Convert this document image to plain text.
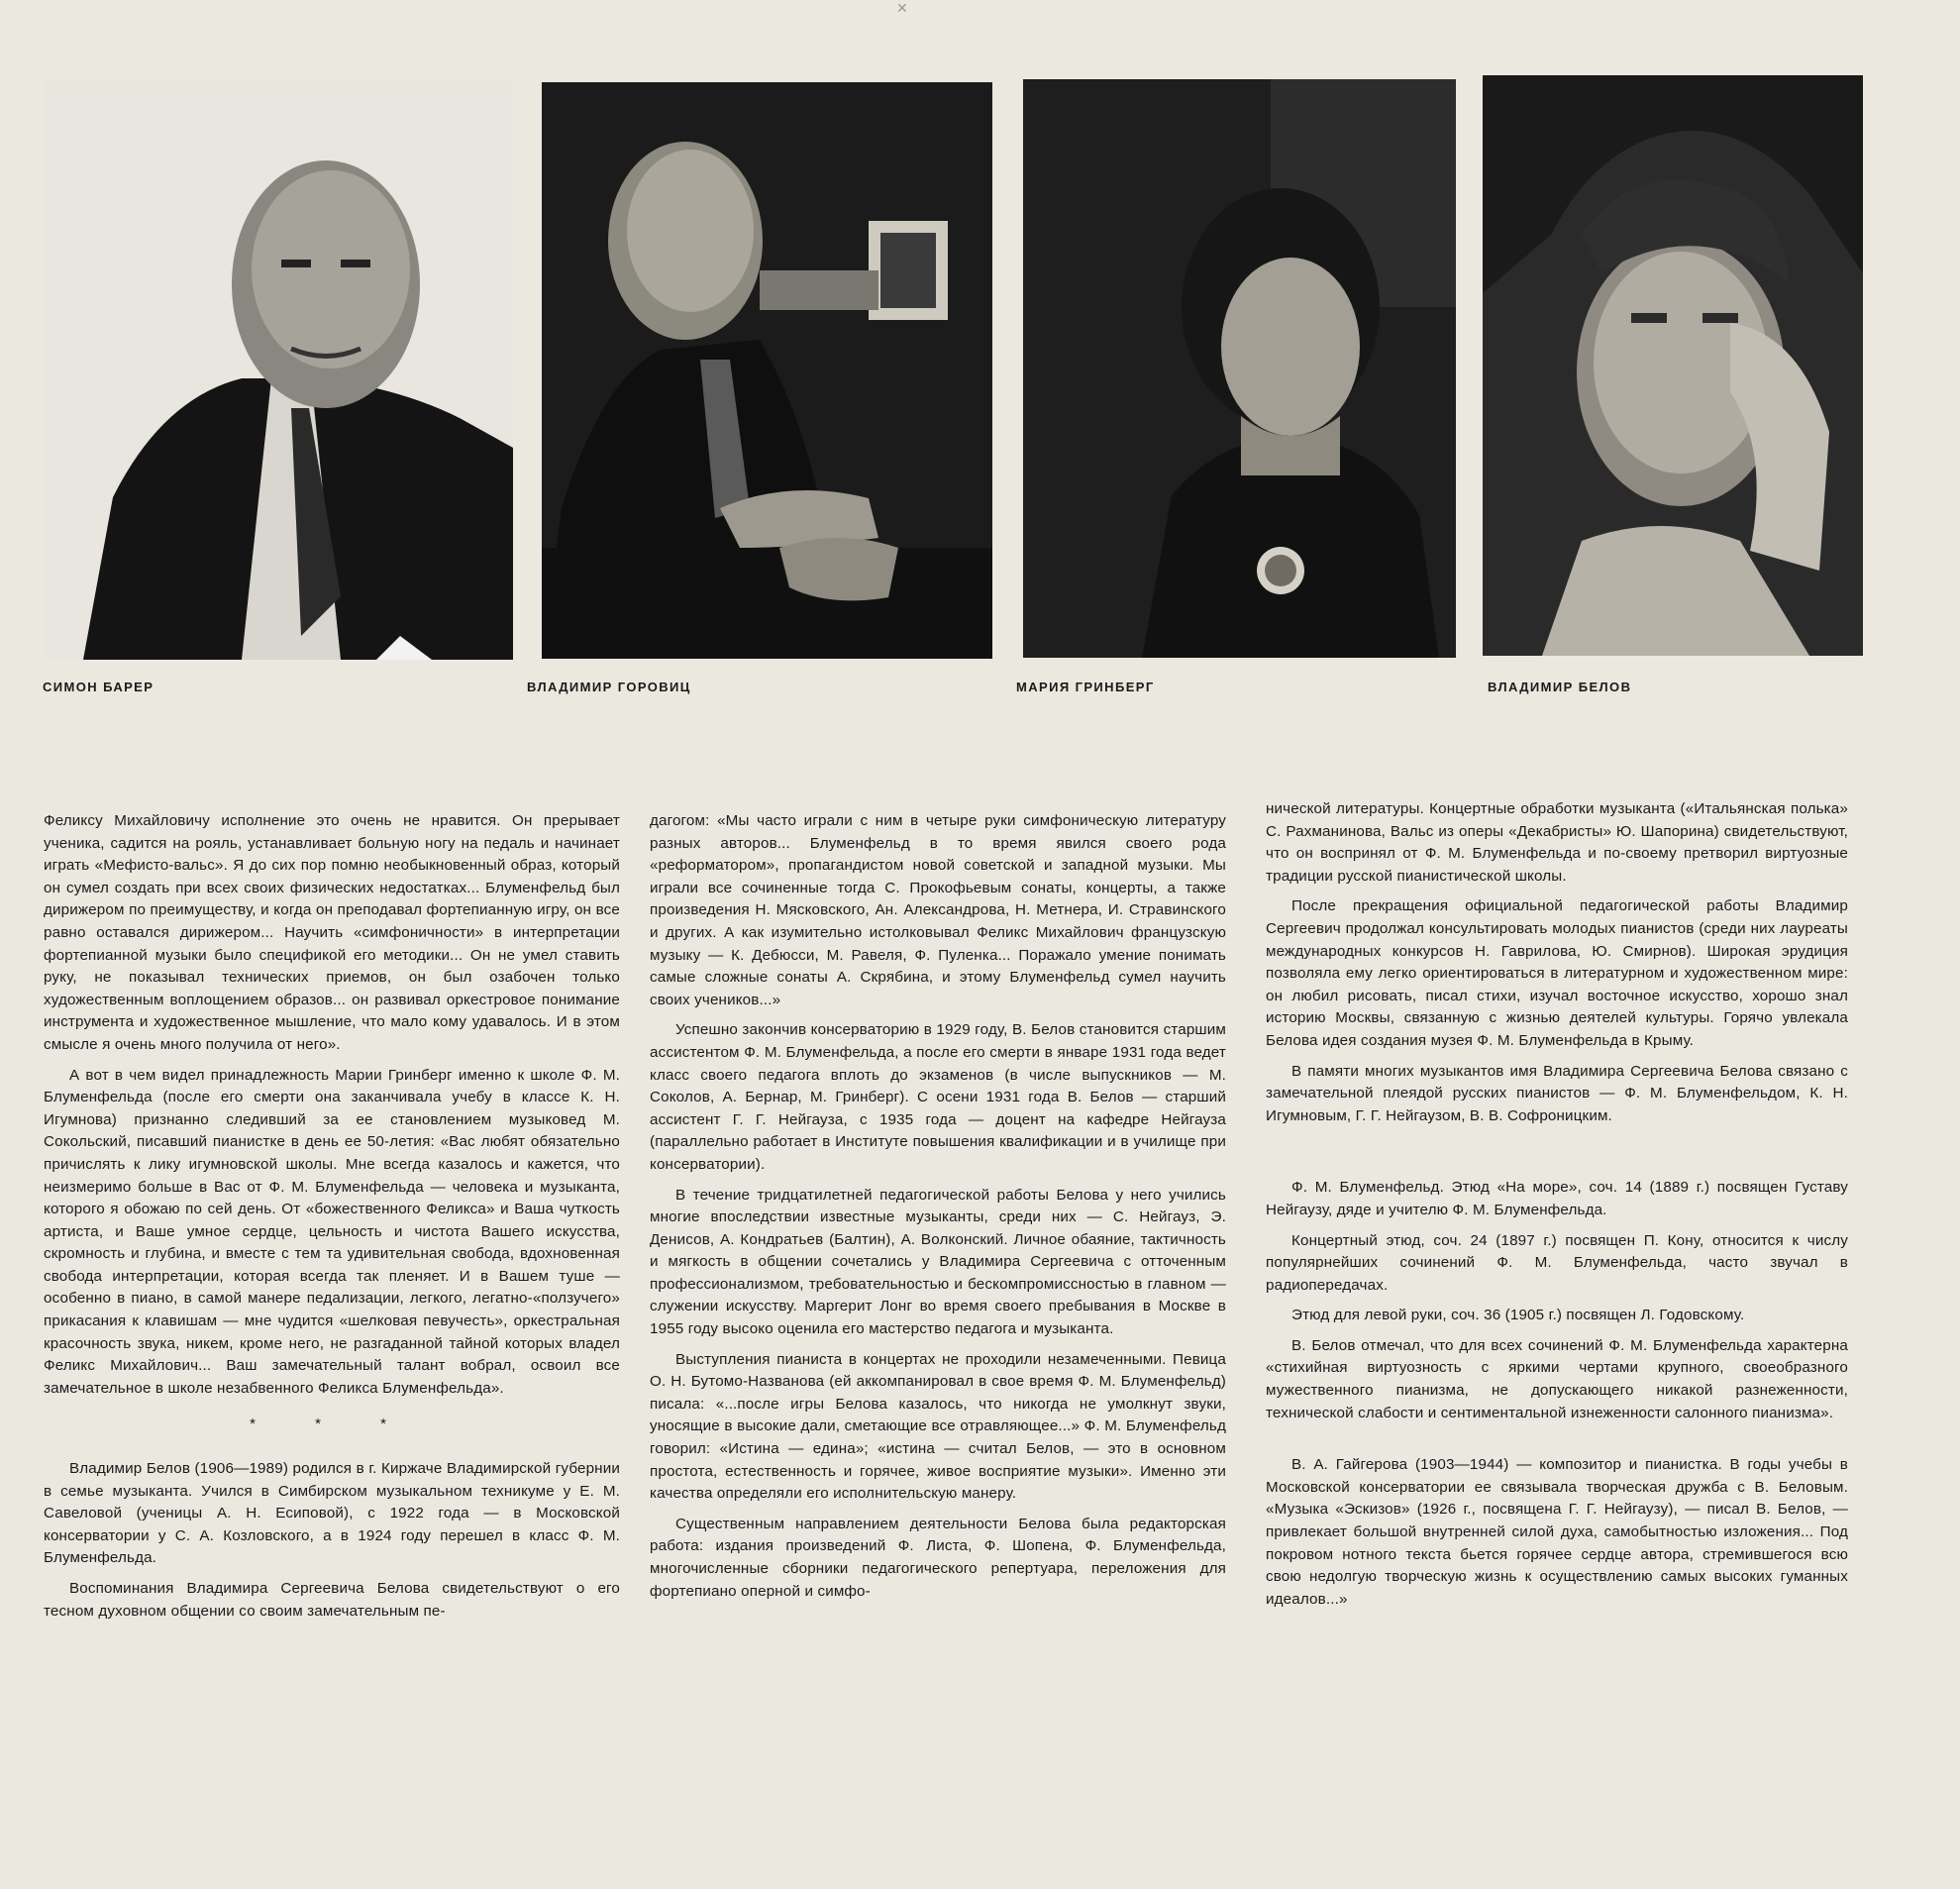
✕
СИМОН БАРЕР	ВЛАДИМИР ГОРОВИЦ	МАРИЯ ГРИНБЕРГ	ВЛАДИМИР БЕЛОВ

Феликсу Михайловичу исполнение это очень не нравится. Он прерывает ученика, садится на рояль, устанавливает больную ногу на педаль и начинает играть «Мефисто-вальс». Я до сих пор помню необыкновенный образ, который он сумел создать при всех своих физических недостатках... Блуменфельд был дирижером по преимуществу, и когда он преподавал фортепианную игру, он все равно оставался дирижером... Научить «симфоничности» в интерпретации фортепианной музыки было спецификой его методики... Он не умел ставить руку, не показывал технических приемов, он был озабочен только художественным воплощением образов... он развивал оркестровое понимание инструмента и художественное мышление, что мало кому удавалось. И в этом смысле я очень много получила от него».

А вот в чем видел принадлежность Марии Гринберг именно к школе Ф. М. Блуменфельда (после его смерти она заканчивала учебу в классе К. Н. Игумнова) признанно следивший за ее становлением музыковед М. Сокольский, писавший пианистке в день ее 50-летия: «Вас любят обязательно причислять к лику игумновской школы. Мне всегда казалось и кажется, что неизмеримо больше в Вас от Ф. М. Блуменфельда — человека и музыканта, которого я обожаю по сей день. От «божественного Феликса» и Ваша чуткость артиста, и Ваше умное сердце, цельность и чистота Вашего искусства, скромность и глубина, и вместе с тем та удивительная свобода, вдохновенная свобода интерпретации, которая всегда так пленяет. И в Вашем туше — особенно в пиано, в самой манере педализации, легкого, легатно-«ползучего» прикасания к клавишам — мне чудится «шелковая певучесть», оркестральная красочность звука, никем, кроме него, не разгаданной тайной которых владел Феликс Михайлович... Ваш замечательный талант вобрал, освоил все замечательное в школе незабвенного Феликса Блуменфельда».

* * *

Владимир Белов (1906—1989) родился в г. Киржаче Владимирской губернии в семье музыканта. Учился в Симбирском музыкальном техникуме у Е. М. Савеловой (ученицы А. Н. Есиповой), с 1922 года — в Московской консерватории у С. А. Козловского, а в 1924 году перешел в класс Ф. М. Блуменфельда.

Воспоминания Владимира Сергеевича Белова свидетельствуют о его тесном духовном общении со своим замечательным пе-

дагогом: «Мы часто играли с ним в четыре руки симфоническую литературу разных авторов... Блуменфельд в то время явился своего рода «реформатором», пропагандистом новой советской и западной музыки. Мы играли все сочиненные тогда С. Прокофьевым сонаты, концерты, а также произведения Н. Мясковского, Ан. Александрова, Н. Метнера, И. Стравинского и других. А как изумительно истолковывал Феликс Михайлович французскую музыку — К. Дебюсси, М. Равеля, Ф. Пуленка... Поражало умение понимать самые сложные сонаты А. Скрябина, и этому Блуменфельд сумел научить своих учеников...»

Успешно закончив консерваторию в 1929 году, В. Белов становится старшим ассистентом Ф. М. Блуменфельда, а после его смерти в январе 1931 года ведет класс своего педагога вплоть до экзаменов (в числе выпускников — М. Соколов, А. Бернар, М. Гринберг). С осени 1931 года В. Белов — старший ассистент Г. Г. Нейгауза, с 1935 года — доцент на кафедре Нейгауза (параллельно работает в Институте повышения квалификации и в училище при консерватории).

В течение тридцатилетней педагогической работы Белова у него учились многие впоследствии известные музыканты, среди них — С. Нейгауз, Э. Денисов, А. Кондратьев (Балтин), А. Волконский. Личное обаяние, тактичность и мягкость в общении сочетались у Владимира Сергеевича с отточенным профессионализмом, требовательностью и бескомпромиссностью в главном — служении искусству. Маргерит Лонг во время своего пребывания в Москве в 1955 году высоко оценила его мастерство педагога и музыканта.

Выступления пианиста в концертах не проходили незамеченными. Певица О. Н. Бутомо-Названова (ей аккомпанировал в свое время Ф. М. Блуменфельд) писала: «...после игры Белова казалось, что никогда не умолкнут звуки, уносящие в высокие дали, сметающие все отравляющее...» Ф. М. Блуменфельд говорил: «Истина — едина»; «истина — считал Белов, — это в основном простота, естественность и горячее, живое восприятие музыки». Именно эти качества определяли его исполнительскую манеру.

Существенным направлением деятельности Белова была редакторская работа: издания произведений Ф. Листа, Ф. Шопена, Ф. Блуменфельда, многочисленные сборники педагогического репертуара, переложения для фортепиано оперной и симфо-

нической литературы. Концертные обработки музыканта («Итальянская полька» С. Рахманинова, Вальс из оперы «Декабристы» Ю. Шапорина) свидетельствуют, что он воспринял от Ф. М. Блуменфельда и по-своему претворил виртуозные традиции русской пианистической школы.

После прекращения официальной педагогической работы Владимир Сергеевич продолжал консультировать молодых пианистов (среди них лауреаты международных конкурсов Н. Гаврилова, Ю. Смирнов). Широкая эрудиция позволяла ему легко ориентироваться в литературном и художественном мире: он любил рисовать, писал стихи, изучал восточное искусство, хорошо знал историю Москвы, связанную с жизнью деятелей культуры. Горячо увлекала Белова идея создания музея Ф. М. Блуменфельда в Крыму.

В памяти многих музыкантов имя Владимира Сергеевича Белова связано с замечательной плеядой русских пианистов — Ф. М. Блуменфельдом, К. Н. Игумновым, Г. Г. Нейгаузом, В. В. Софроницким.

Ф. М. Блуменфельд. Этюд «На море», соч. 14 (1889 г.) посвящен Густаву Нейгаузу, дяде и учителю Ф. М. Блуменфельда.

Концертный этюд, соч. 24 (1897 г.) посвящен П. Кону, относится к числу популярнейших сочинений Ф. М. Блуменфельда, часто звучал в радиопередачах.

Этюд для левой руки, соч. 36 (1905 г.) посвящен Л. Годовскому.

В. Белов отмечал, что для всех сочинений Ф. М. Блуменфельда характерна «стихийная виртуозность с яркими чертами крупного, своеобразного мужественного пианизма, не допускающего никакой разнеженности, технической слабости и сентиментальной изнеженности салонного пианизма».

В. А. Гайгерова (1903—1944) — композитор и пианистка. В годы учебы в Московской консерватории ее связывала творческая дружба с В. Беловым. «Музыка «Эскизов» (1926 г., посвящена Г. Г. Нейгаузу), — писал В. Белов, — привлекает большой внутренней силой духа, самобытностью изложения... Под покровом нотного текста бьется горячее сердце автора, стремившегося всю свою недолгую творческую жизнь к осуществлению самых высоких гуманных идеалов...»
